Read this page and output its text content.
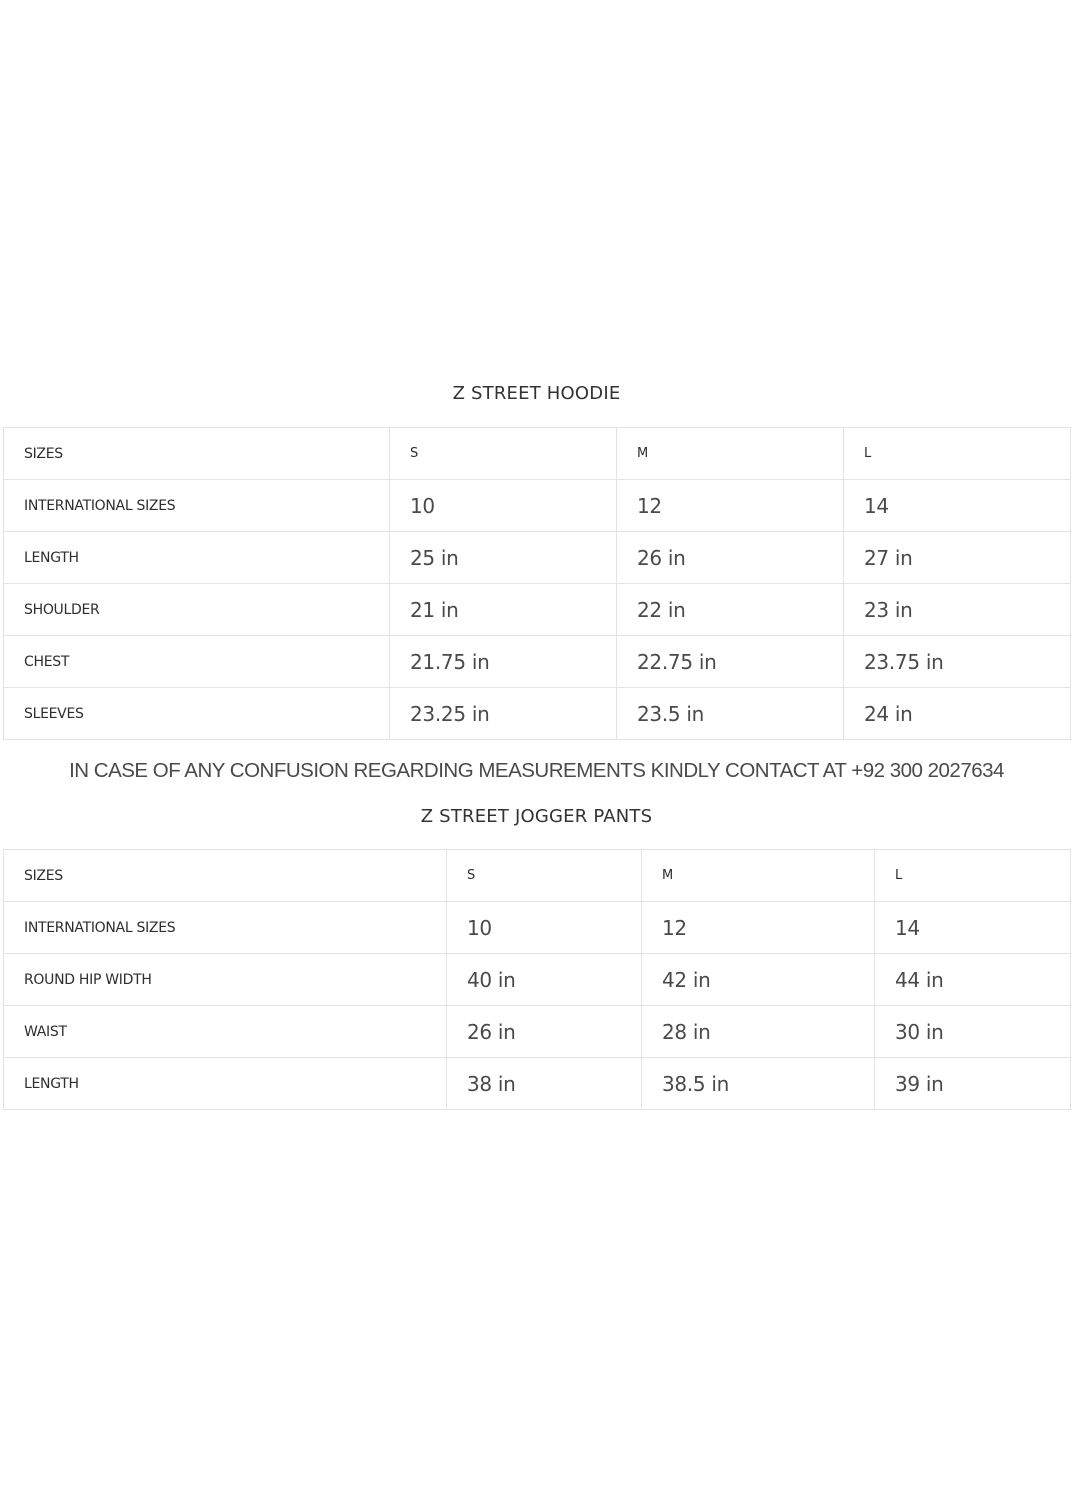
Z STREET HOODIE
SIZES	S	M	L
INTERNATIONAL SIZES	10	12	14
LENGTH	25 in	26 in	27 in
SHOULDER	21 in	22 in	23 in
CHEST	21.75 in	22.75 in	23.75 in
SLEEVES	23.25 in	23.5 in	24 in
IN CASE OF ANY CONFUSION REGARDING MEASUREMENTS KINDLY CONTACT AT +92 300 2027634
Z STREET JOGGER PANTS
SIZES	S	M	L
INTERNATIONAL SIZES	10	12	14
ROUND HIP WIDTH	40 in	42 in	44 in
WAIST	26 in	28 in	30 in
LENGTH	38 in	38.5 in	39 in
